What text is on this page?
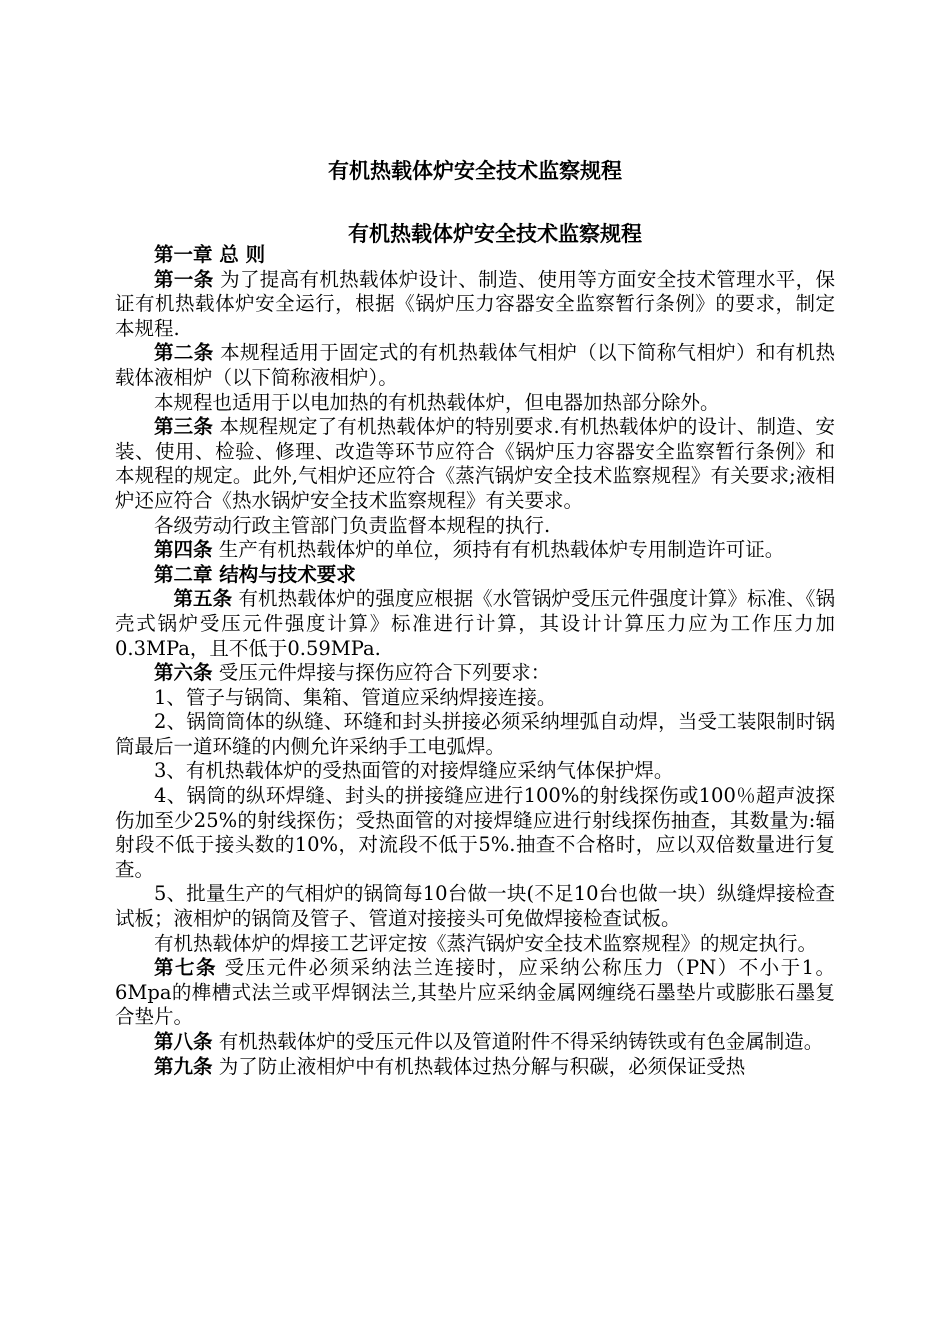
有机热载体炉安全技术监察规程
有机热载体炉安全技术监察规程

第一章 总 则

第一条 为了提高有机热载体炉设计、制造、使用等方面安全技术管理水平，保证有机热载体炉安全运行，根据《锅炉压力容器安全监察暂行条例》的要求，制定本规程.

第二条 本规程适用于固定式的有机热载体气相炉（以下简称气相炉）和有机热载体液相炉（以下简称液相炉）。

本规程也适用于以电加热的有机热载体炉，但电器加热部分除外。

第三条 本规程规定了有机热载体炉的特别要求.有机热载体炉的设计、制造、安装、使用、检验、修理、改造等环节应符合《锅炉压力容器安全监察暂行条例》和本规程的规定。此外,气相炉还应符合《蒸汽锅炉安全技术监察规程》有关要求;液相炉还应符合《热水锅炉安全技术监察规程》有关要求。

各级劳动行政主管部门负责监督本规程的执行.

第四条 生产有机热载体炉的单位，须持有有机热载体炉专用制造许可证。

第二章 结构与技术要求

第五条 有机热载体炉的强度应根据《水管锅炉受压元件强度计算》标准、《锅壳式锅炉受压元件强度计算》标准进行计算，其设计计算压力应为工作压力加0.3MPa，且不低于0.59MPa.

第六条 受压元件焊接与探伤应符合下列要求：

1、管子与锅筒、集箱、管道应采纳焊接连接。

2、锅筒筒体的纵缝、环缝和封头拼接必须采纳埋弧自动焊，当受工装限制时锅筒最后一道环缝的内侧允许采纳手工电弧焊。

3、有机热载体炉的受热面管的对接焊缝应采纳气体保护焊。

4、锅筒的纵环焊缝、封头的拼接缝应进行100%的射线探伤或100％超声波探伤加至少25%的射线探伤；受热面管的对接焊缝应进行射线探伤抽查，其数量为:辐射段不低于接头数的10%，对流段不低于5%.抽查不合格时，应以双倍数量进行复查。

5、批量生产的气相炉的锅筒每10台做一块(不足10台也做一块）纵缝焊接检查试板；液相炉的锅筒及管子、管道对接接头可免做焊接检查试板。

有机热载体炉的焊接工艺评定按《蒸汽锅炉安全技术监察规程》的规定执行。

第七条 受压元件必须采纳法兰连接时，应采纳公称压力（PN）不小于1。6Mpa的榫槽式法兰或平焊钢法兰,其垫片应采纳金属网缠绕石墨垫片或膨胀石墨复合垫片。

第八条 有机热载体炉的受压元件以及管道附件不得采纳铸铁或有色金属制造。

第九条 为了防止液相炉中有机热载体过热分解与积碳，必须保证受热
